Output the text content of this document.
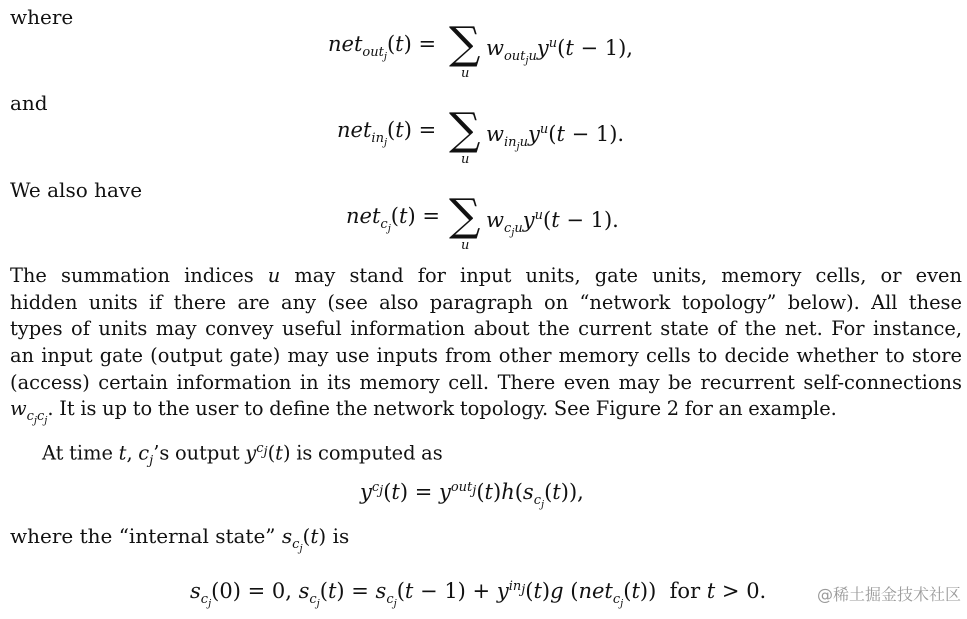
where
net$_{out_j}$(t) = ∑
u
$w_{out_ju}y^u(t - 1)$,
and
net$_{in_j}$(t) = ∑
u
$w_{in_ju}y^u(t - 1)$.
We also have
net$_{c_j}$(t) = ∑
u
$w_{c_ju}y^u(t - 1)$.
The summation indices u may stand for input units, gate units, memory cells, or even
hidden units if there are any (see also paragraph on “network topology” below). All these
types of units may convey useful information about the current state of the net. For instance,
an input gate (output gate) may use inputs from other memory cells to decide whether to store
(access) certain information in its memory cell. There even may be recurrent self-connections
$w_{c_jc_j}$. It is up to the user to define the network topology. See Figure 2 for an example.
At time t, $c_j’s$ output $y^{c_j}(t)$ is computed as
$y^{c_j}(t) = y^{out_j}(t)h(s_{c_j}(t))$,
where the “internal state” $s_{c_j}(t)$ is
$s_{c_j}(0) = 0$, $s_{c_j}(t) = s_{c_j}(t - 1) + y^{in_j}(t)g$ (net$_{c_j}$(t)) for t > 0.	@稀土掘金技术社区
